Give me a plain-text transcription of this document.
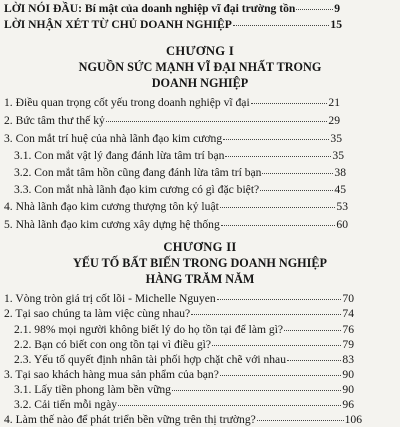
LỜI NÓI ĐẦU: Bí mật của doanh nghiệp vĩ đại trường tồn	9
LỜI NHẬN XÉT TỪ CHỦ DOANH NGHIỆP	15
CHƯƠNG I
NGUỒN SỨC MẠNH VĨ ĐẠI NHẤT TRONG
DOANH NGHIỆP
1. Điều quan trọng cốt yếu trong doanh nghiệp vĩ đại	21
2. Bức tâm thư thế kỷ	29
3. Con mắt trí huệ của nhà lãnh đạo kim cương	35
3.1. Con mắt vật lý đang đánh lừa tâm trí bạn	35
3.2. Con mắt tâm hồn cũng đang đánh lừa tâm trí bạn	38
3.3. Con mắt nhà lãnh đạo kim cương có gì đặc biệt?	45
4. Nhà lãnh đạo kim cương thượng tôn kỷ luật	53
5. Nhà lãnh đạo kim cương xây dựng hệ thống	60
CHƯƠNG II
YẾU TỐ BẤT BIẾN TRONG DOANH NGHIỆP
HÀNG TRĂM NĂM
1. Vòng tròn giá trị cốt lõi - Michelle Nguyen	70
2. Tại sao chúng ta làm việc cùng nhau?	74
2.1. 98% mọi người không biết lý do họ tồn tại để làm gì?	76
2.2. Bạn có biết con ong tồn tại vì điều gì?	79
2.3. Yếu tố quyết định nhân tài phối hợp chặt chẽ với nhau	83
3. Tại sao khách hàng mua sản phẩm của bạn?	90
3.1. Lấy tiền phong làm bền vững	90
3.2. Cải tiến mỗi ngày	96
4. Làm thế nào để phát triển bền vững trên thị trường?	106
